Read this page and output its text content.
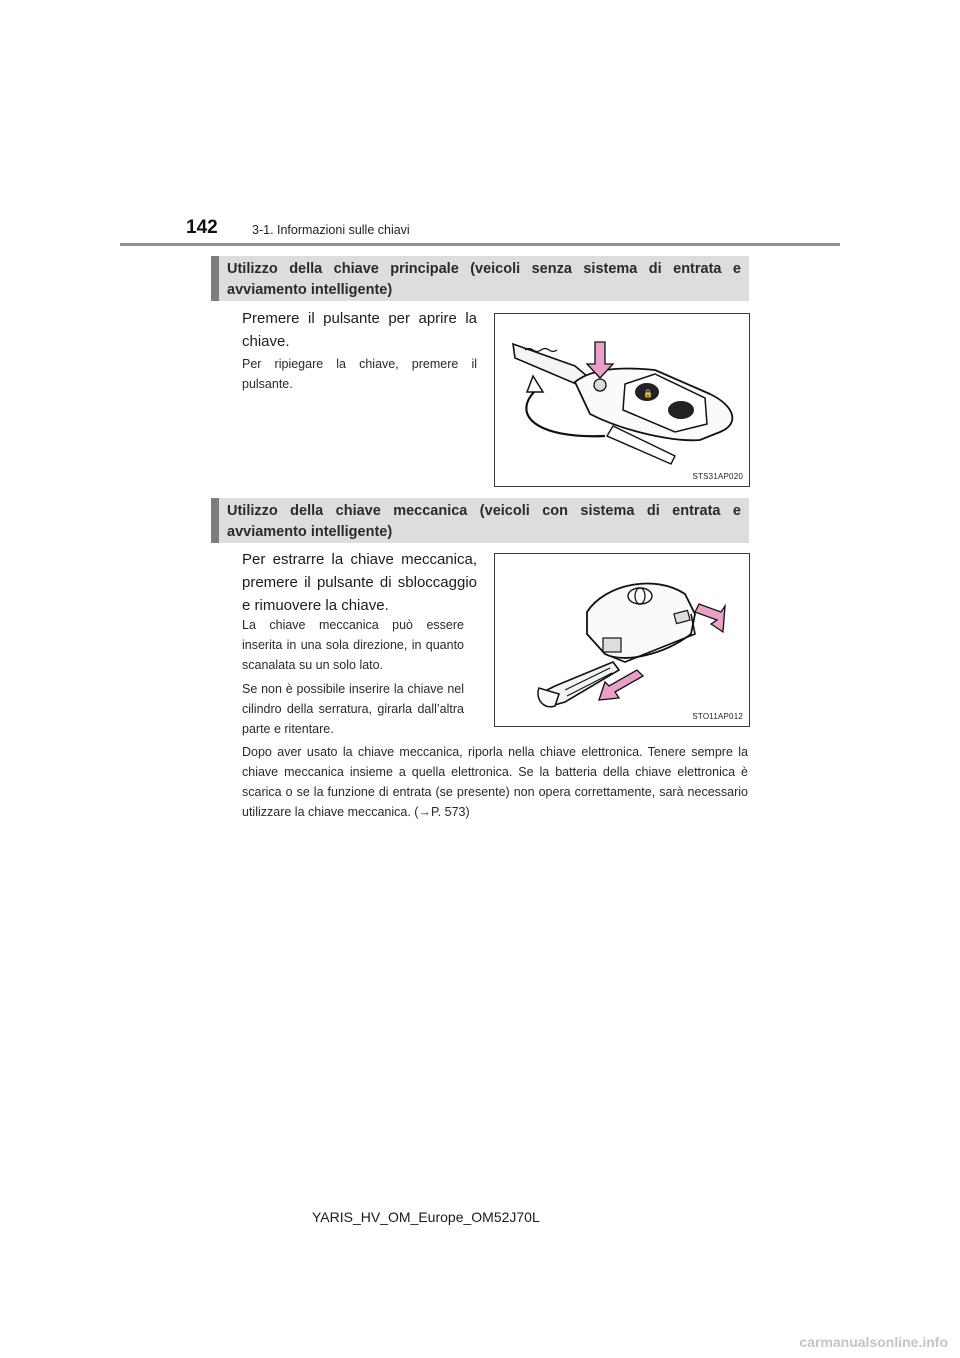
142	3-1. Informazioni sulle chiavi
Utilizzo della chiave principale (veicoli senza sistema di entrata e avviamento intelligente)

Premere il pulsante per aprire la chiave.

Per ripiegare la chiave, premere il pulsante.

🔒
STS31AP020
Utilizzo della chiave meccanica (veicoli con sistema di entrata e avviamento intelligente)

Per estrarre la chiave meccanica, premere il pulsante di sbloccaggio e rimuovere la chiave.

La chiave meccanica può essere inserita in una sola direzione, in quanto scanalata su un solo lato.

Se non è possibile inserire la chiave nel cilindro della serratura, girarla dall’altra parte e ritentare.

STO11AP012

Dopo aver usato la chiave meccanica, riporla nella chiave elettronica. Tenere sempre la chiave meccanica insieme a quella elettronica. Se la batteria della chiave elettronica è scarica o se la funzione di entrata (se presente) non opera correttamente, sarà necessario utilizzare la chiave meccanica. (→P. 573)

YARIS_HV_OM_Europe_OM52J70L
carmanualsonline.info
